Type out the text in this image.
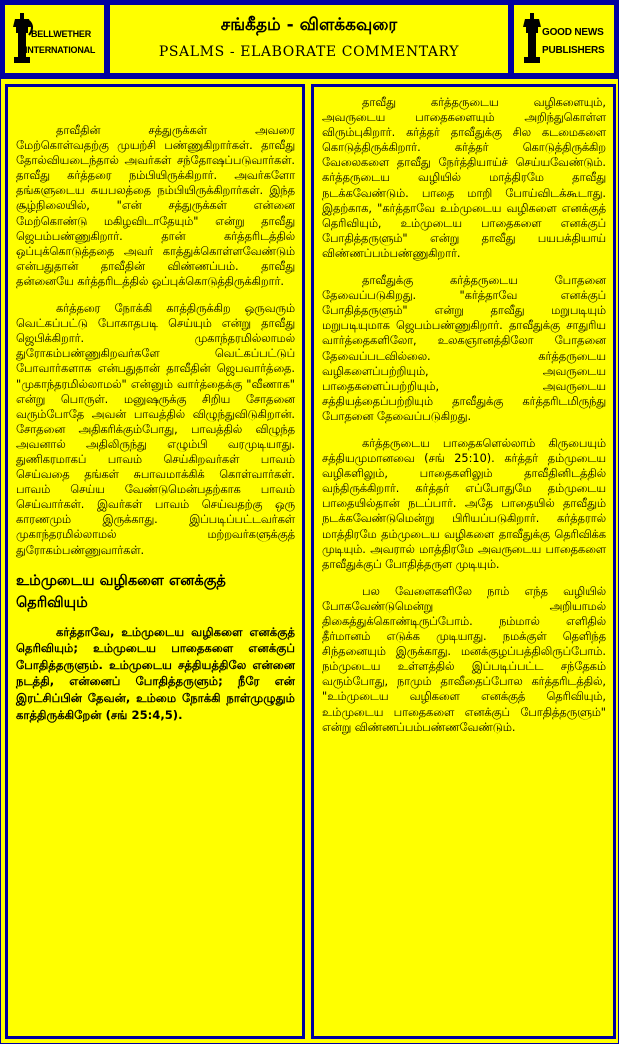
BELLWETHER
INTERNATIONAL
சங்கீதம் - விளக்கவுரை
PSALMS - ELABORATE COMMENTARY
GOOD NEWS
PUBLISHERS

தாவீதின் சத்துருக்கள் அவரை மேற்கொள்வதற்கு முயற்சி பண்ணுகிறார்கள். தாவீது தோல்வியடைந்தால் அவர்கள் சந்தோஷப்படுவார்கள். தாவீது கர்த்தரை நம்பியிருக்கிறார். அவர்களோ தங்களுடைய சுயபலத்தை நம்பியிருக்கிறார்கள். இந்த சூழ்நிலையில், "என் சத்துருக்கள் என்னை மேற்கொண்டு மகிழவிடாதேயும்" என்று தாவீது ஜெபம்பண்ணுகிறார். தான் கர்த்தரிடத்தில் ஒப்புக்கொடுத்ததை அவர் காத்துக்கொள்ளவேண்டும் என்பதுதான் தாவீதின் விண்ணப்பம். தாவீது தன்னையே கர்த்தரிடத்தில் ஒப்புக்கொடுத்திருக்கிறார்.

கர்த்தரை நோக்கி காத்திருக்கிற ஒருவரும் வெட்கப்பட்டு போகாதபடி செய்யும் என்று தாவீது ஜெபிக்கிறார். முகாந்தரமில்லாமல் துரோகம்பண்ணுகிறவர்களே வெட்கப்பட்டுப் போவார்களாக என்பதுதான் தாவீதின் ஜெபவார்த்தை. "முகாந்தரமில்லாமல்" என்னும் வார்த்தைக்கு "வீணாக" என்று பொருள். மனுஷருக்கு சிறிய சோதனை வரும்போதே அவன் பாவத்தில் விழுந்துவிடுகிறான். சோதனை அதிகரிக்கும்போது, பாவத்தில் விழுந்த அவனால் அதிலிருந்து எழும்பி வரமுடியாது. துணிகரமாகப் பாவம் செய்கிறவர்கள் பாவம் செய்வதை தங்கள் சுபாவமாக்கிக் கொள்வார்கள். பாவம் செய்ய வேண்டுமென்பதற்காக பாவம் செய்வார்கள். இவர்கள் பாவம் செய்வதற்கு ஒரு காரணமும் இருக்காது. இப்படிப்பட்டவர்கள் முகாந்தரமில்லாமல் மற்றவர்களுக்குத் துரோகம்பண்ணுவார்கள்.

உம்முடைய வழிகளை எனக்குத் தெரிவியும்

கர்த்தாவே, உம்முடைய வழிகளை எனக்குத் தெரிவியும்; உம்முடைய பாதைகளை எனக்குப் போதித்தருளும். உம்முடைய சத்தியத்திலே என்னை நடத்தி, என்னைப் போதித்தருளும்; நீரே என் இரட்சிப்பின் தேவன், உம்மை நோக்கி நாள்முழுதும் காத்திருக்கிறேன் (சங் 25:4,5).

தாவீது கர்த்தருடைய வழிகளையும், அவருடைய பாதைகளையும் அறிந்துகொள்ள விரும்புகிறார். கர்த்தர் தாவீதுக்கு சில கடமைகளை கொடுத்திருக்கிறார். கர்த்தர் கொடுத்திருக்கிற வேலைகளை தாவீது நேர்த்தியாய்ச் செய்யவேண்டும். கர்த்தருடைய வழியில் மாத்திரமே தாவீது நடக்கவேண்டும். பாதை மாறி போய்விடக்கூடாது. இதற்காக, "கர்த்தாவே உம்முடைய வழிகளை எனக்குத் தெரிவியும், உம்முடைய பாதைகளை எனக்குப் போதித்தருளும்" என்று தாவீது பயபக்தியாய் விண்ணப்பம்பண்ணுகிறார்.

தாவீதுக்கு கர்த்தருடைய போதனை தேவைப்படுகிறது. "கர்த்தாவே எனக்குப் போதித்தருளும்" என்று தாவீது மறுபடியும் மறுபடியுமாக ஜெபம்பண்ணுகிறார். தாவீதுக்கு சாதுரிய வார்த்தைகளிலோ, உலகஞானத்திலோ போதனை தேவைப்படவில்லை. கர்த்தருடைய வழிகளைப்பற்றியும், அவருடைய பாதைகளைப்பற்றியும், அவருடைய சத்தியத்தைப்பற்றியும் தாவீதுக்கு கர்த்தரிடமிருந்து போதனை தேவைப்படுகிறது.

கர்த்தருடைய பாதைகளெல்லாம் கிருபையும் சத்தியமுமானவை (சங் 25:10). கர்த்தர் தம்முடைய வழிகளிலும், பாதைகளிலும் தாவீதினிடத்தில் வந்திருக்கிறார். கர்த்தர் எப்போதுமே தம்முடைய பாதையில்தான் நடப்பார். அதே பாதையில் தாவீதும் நடக்கவேண்டுமென்று பிரியப்படுகிறார். கர்த்தரால் மாத்திரமே தம்முடைய வழிகளை தாவீதுக்கு தெரிவிக்க முடியும். அவரால் மாத்திரமே அவருடைய பாதைகளை தாவீதுக்குப் போதித்தருள முடியும்.

பல வேளைகளிலே நாம் எந்த வழியில் போகவேண்டுமென்று அறியாமல் திகைத்துக்கொண்டிருப்போம். நம்மால் எளிதில் தீர்மானம் எடுக்க முடியாது. நமக்குள் தெளிந்த சிந்தனையும் இருக்காது. மனக்குழப்பத்திலிருப்போம். நம்முடைய உள்ளத்தில் இப்படிப்பட்ட சந்தேகம் வரும்போது, நாமும் தாவீதைப்போல கர்த்தரிடத்தில், "உம்முடைய வழிகளை எனக்குத் தெரிவியும், உம்முடைய பாதைகளை எனக்குப் போதித்தருளும்" என்று விண்ணப்பம்பண்ணவேண்டும்.
